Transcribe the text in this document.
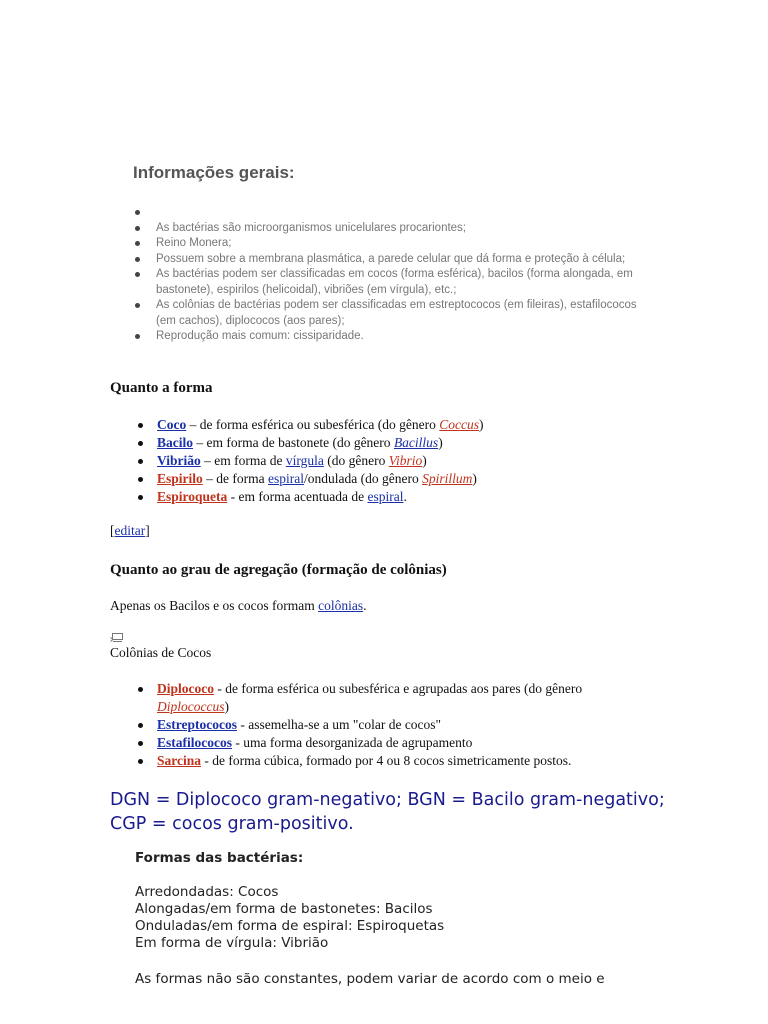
Informações gerais:
As bactérias são microorganismos unicelulares procariontes;
Reino Monera;
Possuem sobre a membrana plasmática, a parede celular que dá forma e proteção à célula;
As bactérias podem ser classificadas em cocos (forma esférica), bacilos (forma alongada, em bastonete), espirilos (helicoidal), vibriões (em vírgula), etc.;
As colônias de bactérias podem ser classificadas em estreptococos (em fileiras), estafilococos (em cachos), diplococos (aos pares);
Reprodução mais comum: cissiparidade.
Quanto a forma
Coco – de forma esférica ou subesférica (do gênero Coccus)
Bacilo – em forma de bastonete (do gênero Bacillus)
Vibrião – em forma de vírgula (do gênero Vibrio)
Espirilo – de forma espiral/ondulada (do gênero Spirillum)
Espiroqueta - em forma acentuada de espiral.
[editar]
Quanto ao grau de agregação (formação de colônias)
Apenas os Bacilos e os cocos formam colônias.
Colônias de Cocos
Diplococo - de forma esférica ou subesférica e agrupadas aos pares (do gênero
Diplococcus)
Estreptococos - assemelha-se a um "colar de cocos"
Estafilococos - uma forma desorganizada de agrupamento
Sarcina - de forma cúbica, formado por 4 ou 8 cocos simetricamente postos.
DGN = Diplococo gram-negativo; BGN = Bacilo gram-negativo; CGP = cocos gram-positivo.
Formas das bactérias:
Arredondadas: Cocos
Alongadas/em forma de bastonetes: Bacilos
Onduladas/em forma de espiral: Espiroquetas
Em forma de vírgula: Vibrião
As formas não são constantes, podem variar de acordo com o meio e
